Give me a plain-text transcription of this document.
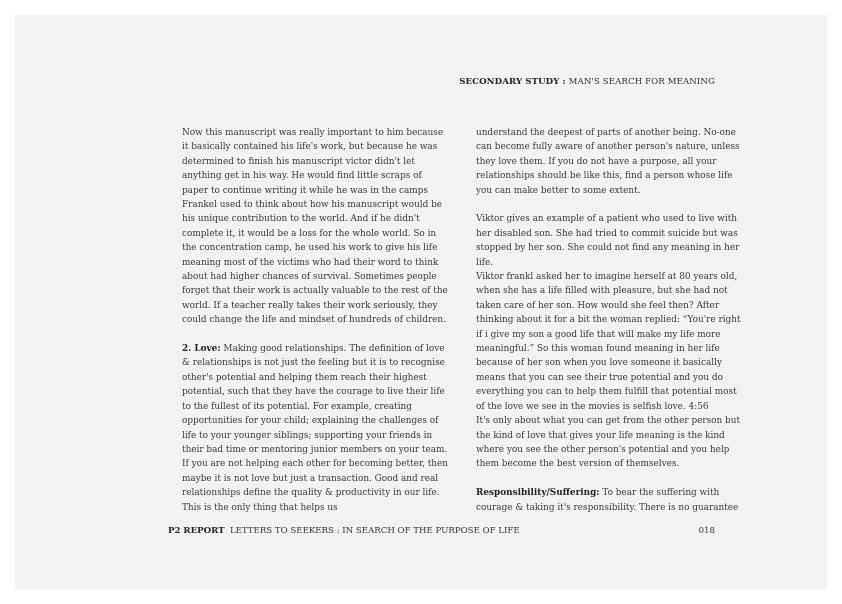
SECONDARY STUDY : MAN'S SEARCH FOR MEANING

Now this manuscript was really important to him because it basically contained his life's work, but because he was determined to finish his manuscript victor didn't let anything get in his way. He would find little scraps of paper to continue writing it while he was in the camps Frankel used to think about how his manuscript would be his unique contribution to the world. And if he didn't complete it, it would be a loss for the whole world. So in the concentration camp, he used his work to give his life meaning most of the victims who had their word to think about had higher chances of survival. Sometimes people forget that their work is actually valuable to the rest of the world. If a teacher really takes their work seriously, they could change the life and mindset of hundreds of children.

2. Love: Making good relationships. The definition of love & relationships is not just the feeling but it is to recognise other's potential and helping them reach their highest potential, such that they have the courage to live their life to the fullest of its potential. For example, creating opportunities for your child; explaining the challenges of life to your younger siblings; supporting your friends in their bad time or mentoring junior members on your team. If you are not helping each other for becoming better, then maybe it is not love but just a transaction. Good and real relationships define the quality & productivity in our life. This is the only thing that helps us

understand the deepest of parts of another being. No-one can become fully aware of another person's nature, unless they love them. If you do not have a purpose, all your relationships should be like this, find a person whose life you can make better to some extent.

Viktor gives an example of a patient who used to live with her disabled son. She had tried to commit suicide but was stopped by her son. She could not find any meaning in her life.

Viktor frankl asked her to imagine herself at 80 years old, when she has a life filled with pleasure, but she had not taken care of her son. How would she feel then? After thinking about it for a bit the woman replied: “You're right if i give my son a good life that will make my life more meaningful.” So this woman found meaning in her life because of her son when you love someone it basically means that you can see their true potential and you do everything you can to help them fulfill that potential most of the love we see in the movies is selfish love. 4:56

It's only about what you can get from the other person but the kind of love that gives your life meaning is the kind where you see the other person's potential and you help them become the best version of themselves.

Responsibility/Suffering: To bear the suffering with courage & taking it's responsibility. There is no guarantee

P2 REPORT LETTERS TO SEEKERS : IN SEARCH OF THE PURPOSE OF LIFE	018
